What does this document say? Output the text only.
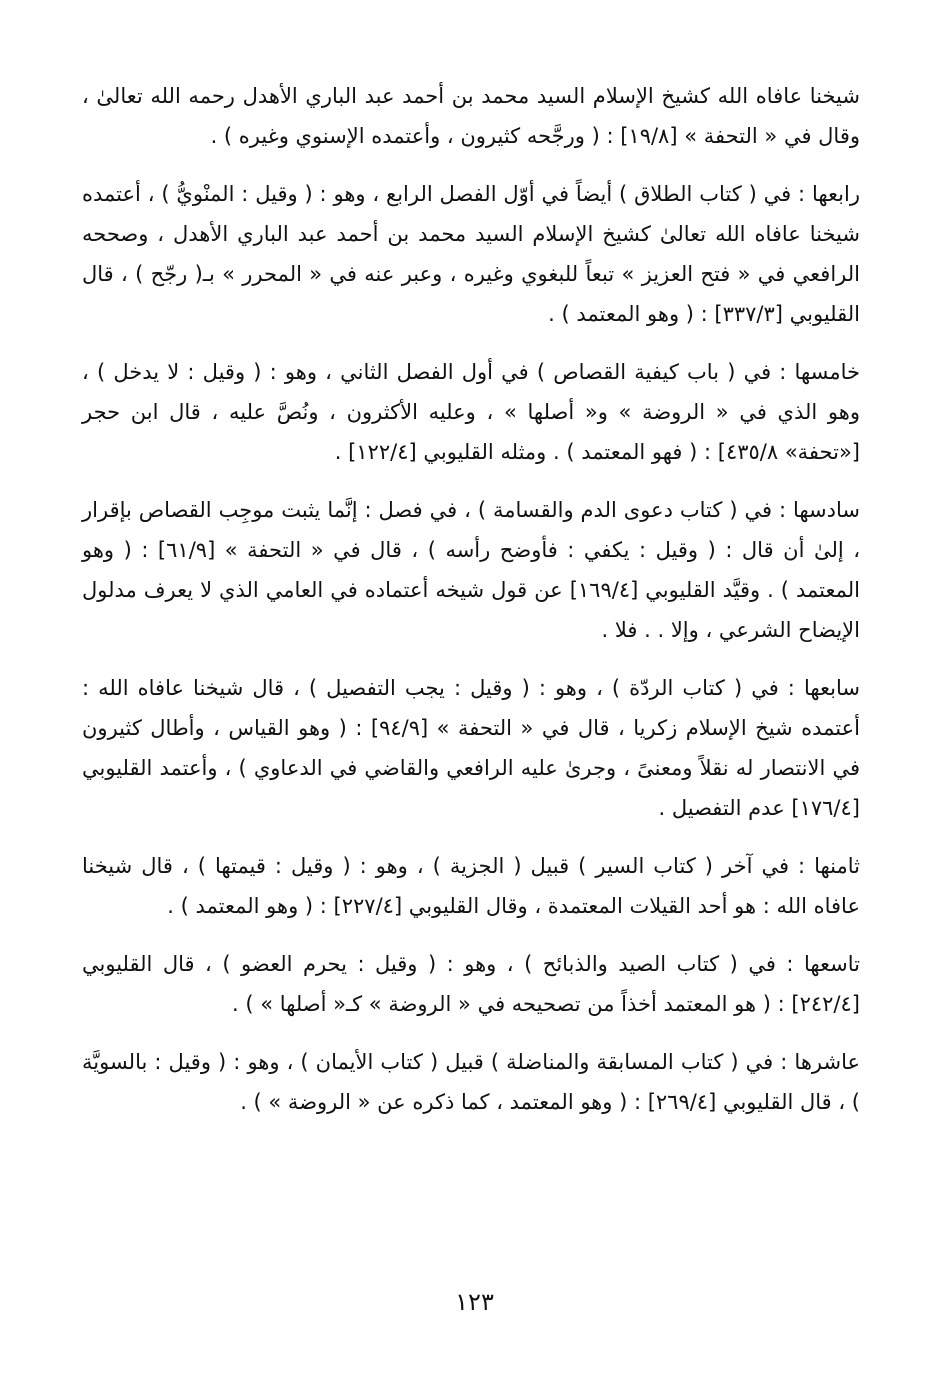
شيخنا عافاه الله كشيخ الإسلام السيد محمد بن أحمد عبد الباري الأهدل رحمه الله تعالىٰ ، وقال في « التحفة » [١٩/٨] : ( ورجَّحه كثيرون ، وأعتمده الإسنوي وغيره ) .

رابعها : في ( كتاب الطلاق ) أيضاً في أوّل الفصل الرابع ، وهو : ( وقيل : المنْويُّ ) ، أعتمده شيخنا عافاه الله تعالىٰ كشيخ الإسلام السيد محمد بن أحمد عبد الباري الأهدل ، وصححه الرافعي في « فتح العزيز » تبعاً للبغوي وغيره ، وعبر عنه في « المحرر » بـ( رجّح ) ، قال القليوبي [٣٣٧/٣] : ( وهو المعتمد ) .

خامسها : في ( باب كيفية القصاص ) في أول الفصل الثاني ، وهو : ( وقيل : لا يدخل ) ، وهو الذي في « الروضة » و« أصلها » ، وعليه الأكثرون ، ونُصَّ عليه ، قال ابن حجر [«تحفة» ٤٣٥/٨] : ( فهو المعتمد ) . ومثله القليوبي [١٢٢/٤] .

سادسها : في ( كتاب دعوى الدم والقسامة ) ، في فصل : إنَّما يثبت موجِب القصاص بإقرار ، إلىٰ أن قال : ( وقيل : يكفي : فأوضح رأسه ) ، قال في « التحفة » [٦١/٩] : ( وهو المعتمد ) . وقيَّد القليوبي [١٦٩/٤] عن قول شيخه أعتماده في العامي الذي لا يعرف مدلول الإيضاح الشرعي ، وإلا . . فلا .

سابعها : في ( كتاب الردّة ) ، وهو : ( وقيل : يجب التفصيل ) ، قال شيخنا عافاه الله : أعتمده شيخ الإسلام زكريا ، قال في « التحفة » [٩٤/٩] : ( وهو القياس ، وأطال كثيرون في الانتصار له نقلاً ومعنىً ، وجرىٰ عليه الرافعي والقاضي في الدعاوي ) ، وأعتمد القليوبي [١٧٦/٤] عدم التفصيل .

ثامنها : في آخر ( كتاب السير ) قبيل ( الجزية ) ، وهو : ( وقيل : قيمتها ) ، قال شيخنا عافاه الله : هو أحد القيلات المعتمدة ، وقال القليوبي [٢٢٧/٤] : ( وهو المعتمد ) .

تاسعها : في ( كتاب الصيد والذبائح ) ، وهو : ( وقيل : يحرم العضو ) ، قال القليوبي [٢٤٢/٤] : ( هو المعتمد أخذاً من تصحيحه في « الروضة » كـ« أصلها » ) .

عاشرها : في ( كتاب المسابقة والمناضلة ) قبيل ( كتاب الأيمان ) ، وهو : ( وقيل : بالسويَّة ) ، قال القليوبي [٢٦٩/٤] : ( وهو المعتمد ، كما ذكره عن « الروضة » ) .

١٢٣
